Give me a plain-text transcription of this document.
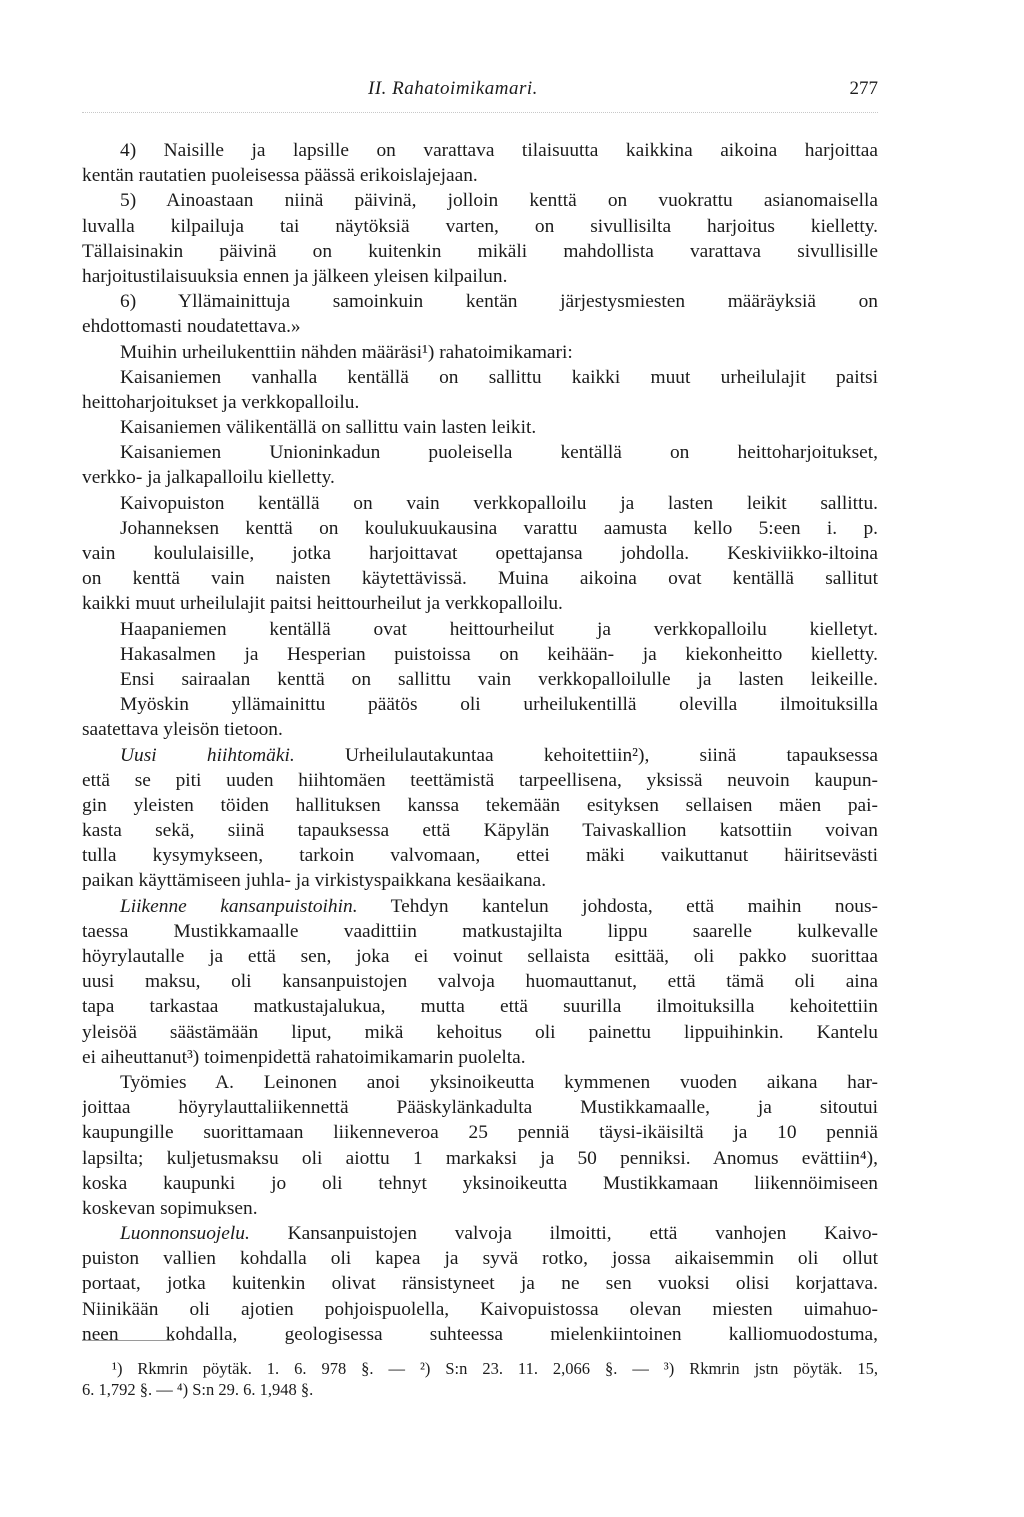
II. Rahatoimikamari.	277
4) Naisille ja lapsille on varattava tilaisuutta kaikkina aikoina harjoittaa
kentän rautatien puoleisessa päässä erikoislajejaan.
5) Ainoastaan niinä päivinä, jolloin kenttä on vuokrattu asianomaisella
luvalla kilpailuja tai näytöksiä varten, on sivullisilta harjoitus kielletty.
Tällaisinakin päivinä on kuitenkin mikäli mahdollista varattava sivullisille
harjoitustilaisuuksia ennen ja jälkeen yleisen kilpailun.
6) Yllämainittuja samoinkuin kentän järjestysmiesten määräyksiä on
ehdottomasti noudatettava.»
Muihin urheilukenttiin nähden määräsi¹) rahatoimikamari:
Kaisaniemen vanhalla kentällä on sallittu kaikki muut urheilulajit paitsi
heittoharjoitukset ja verkkopalloilu.
Kaisaniemen välikentällä on sallittu vain lasten leikit.
Kaisaniemen Unioninkadun puoleisella kentällä on heittoharjoitukset,
verkko- ja jalkapalloilu kielletty.
Kaivopuiston kentällä on vain verkkopalloilu ja lasten leikit sallittu.
Johanneksen kenttä on koulukuukausina varattu aamusta kello 5:een i. p.
vain koululaisille, jotka harjoittavat opettajansa johdolla. Keskiviikko-iltoina
on kenttä vain naisten käytettävissä. Muina aikoina ovat kentällä sallitut
kaikki muut urheilulajit paitsi heittourheilut ja verkkopalloilu.
Haapaniemen kentällä ovat heittourheilut ja verkkopalloilu kielletyt.
Hakasalmen ja Hesperian puistoissa on keihään- ja kiekonheitto kielletty.
Ensi sairaalan kenttä on sallittu vain verkkopalloilulle ja lasten leikeille.
Myöskin yllämainittu päätös oli urheilukentillä olevilla ilmoituksilla
saatettava yleisön tietoon.
Uusi hiihtomäki. Urheilulautakuntaa kehoitettiin²), siinä tapauksessa
että se piti uuden hiihtomäen teettämistä tarpeellisena, yksissä neuvoin kaupun-
gin yleisten töiden hallituksen kanssa tekemään esityksen sellaisen mäen pai-
kasta sekä, siinä tapauksessa että Käpylän Taivaskallion katsottiin voivan
tulla kysymykseen, tarkoin valvomaan, ettei mäki vaikuttanut häiritsevästi
paikan käyttämiseen juhla- ja virkistyspaikkana kesäaikana.
Liikenne kansanpuistoihin. Tehdyn kantelun johdosta, että maihin nous-
taessa Mustikkamaalle vaadittiin matkustajilta lippu saarelle kulkevalle
höyrylautalle ja että sen, joka ei voinut sellaista esittää, oli pakko suorittaa
uusi maksu, oli kansanpuistojen valvoja huomauttanut, että tämä oli aina
tapa tarkastaa matkustajalukua, mutta että suurilla ilmoituksilla kehoitettiin
yleisöä säästämään liput, mikä kehoitus oli painettu lippuihinkin. Kantelu
ei aiheuttanut³) toimenpidettä rahatoimikamarin puolelta.
Työmies A. Leinonen anoi yksinoikeutta kymmenen vuoden aikana har-
joittaa höyrylauttaliikennettä Pääskylänkadulta Mustikkamaalle, ja sitoutui
kaupungille suorittamaan liikenneveroa 25 penniä täysi-ikäisiltä ja 10 penniä
lapsilta; kuljetusmaksu oli aiottu 1 markaksi ja 50 penniksi. Anomus evättiin⁴),
koska kaupunki jo oli tehnyt yksinoikeutta Mustikkamaan liikennöimiseen
koskevan sopimuksen.
Luonnonsuojelu. Kansanpuistojen valvoja ilmoitti, että vanhojen Kaivo-
puiston vallien kohdalla oli kapea ja syvä rotko, jossa aikaisemmin oli ollut
portaat, jotka kuitenkin olivat ränsistyneet ja ne sen vuoksi olisi korjattava.
Niinikään oli ajotien pohjoispuolella, Kaivopuistossa olevan miesten uimahuo-
neen kohdalla, geologisessa suhteessa mielenkiintoinen kalliomuodostuma,
¹) Rkmrin pöytäk. 1. 6. 978 §. — ²) S:n 23. 11. 2,066 §. — ³) Rkmrin jstn pöytäk. 15,
6. 1,792 §. — ⁴) S:n 29. 6. 1,948 §.
